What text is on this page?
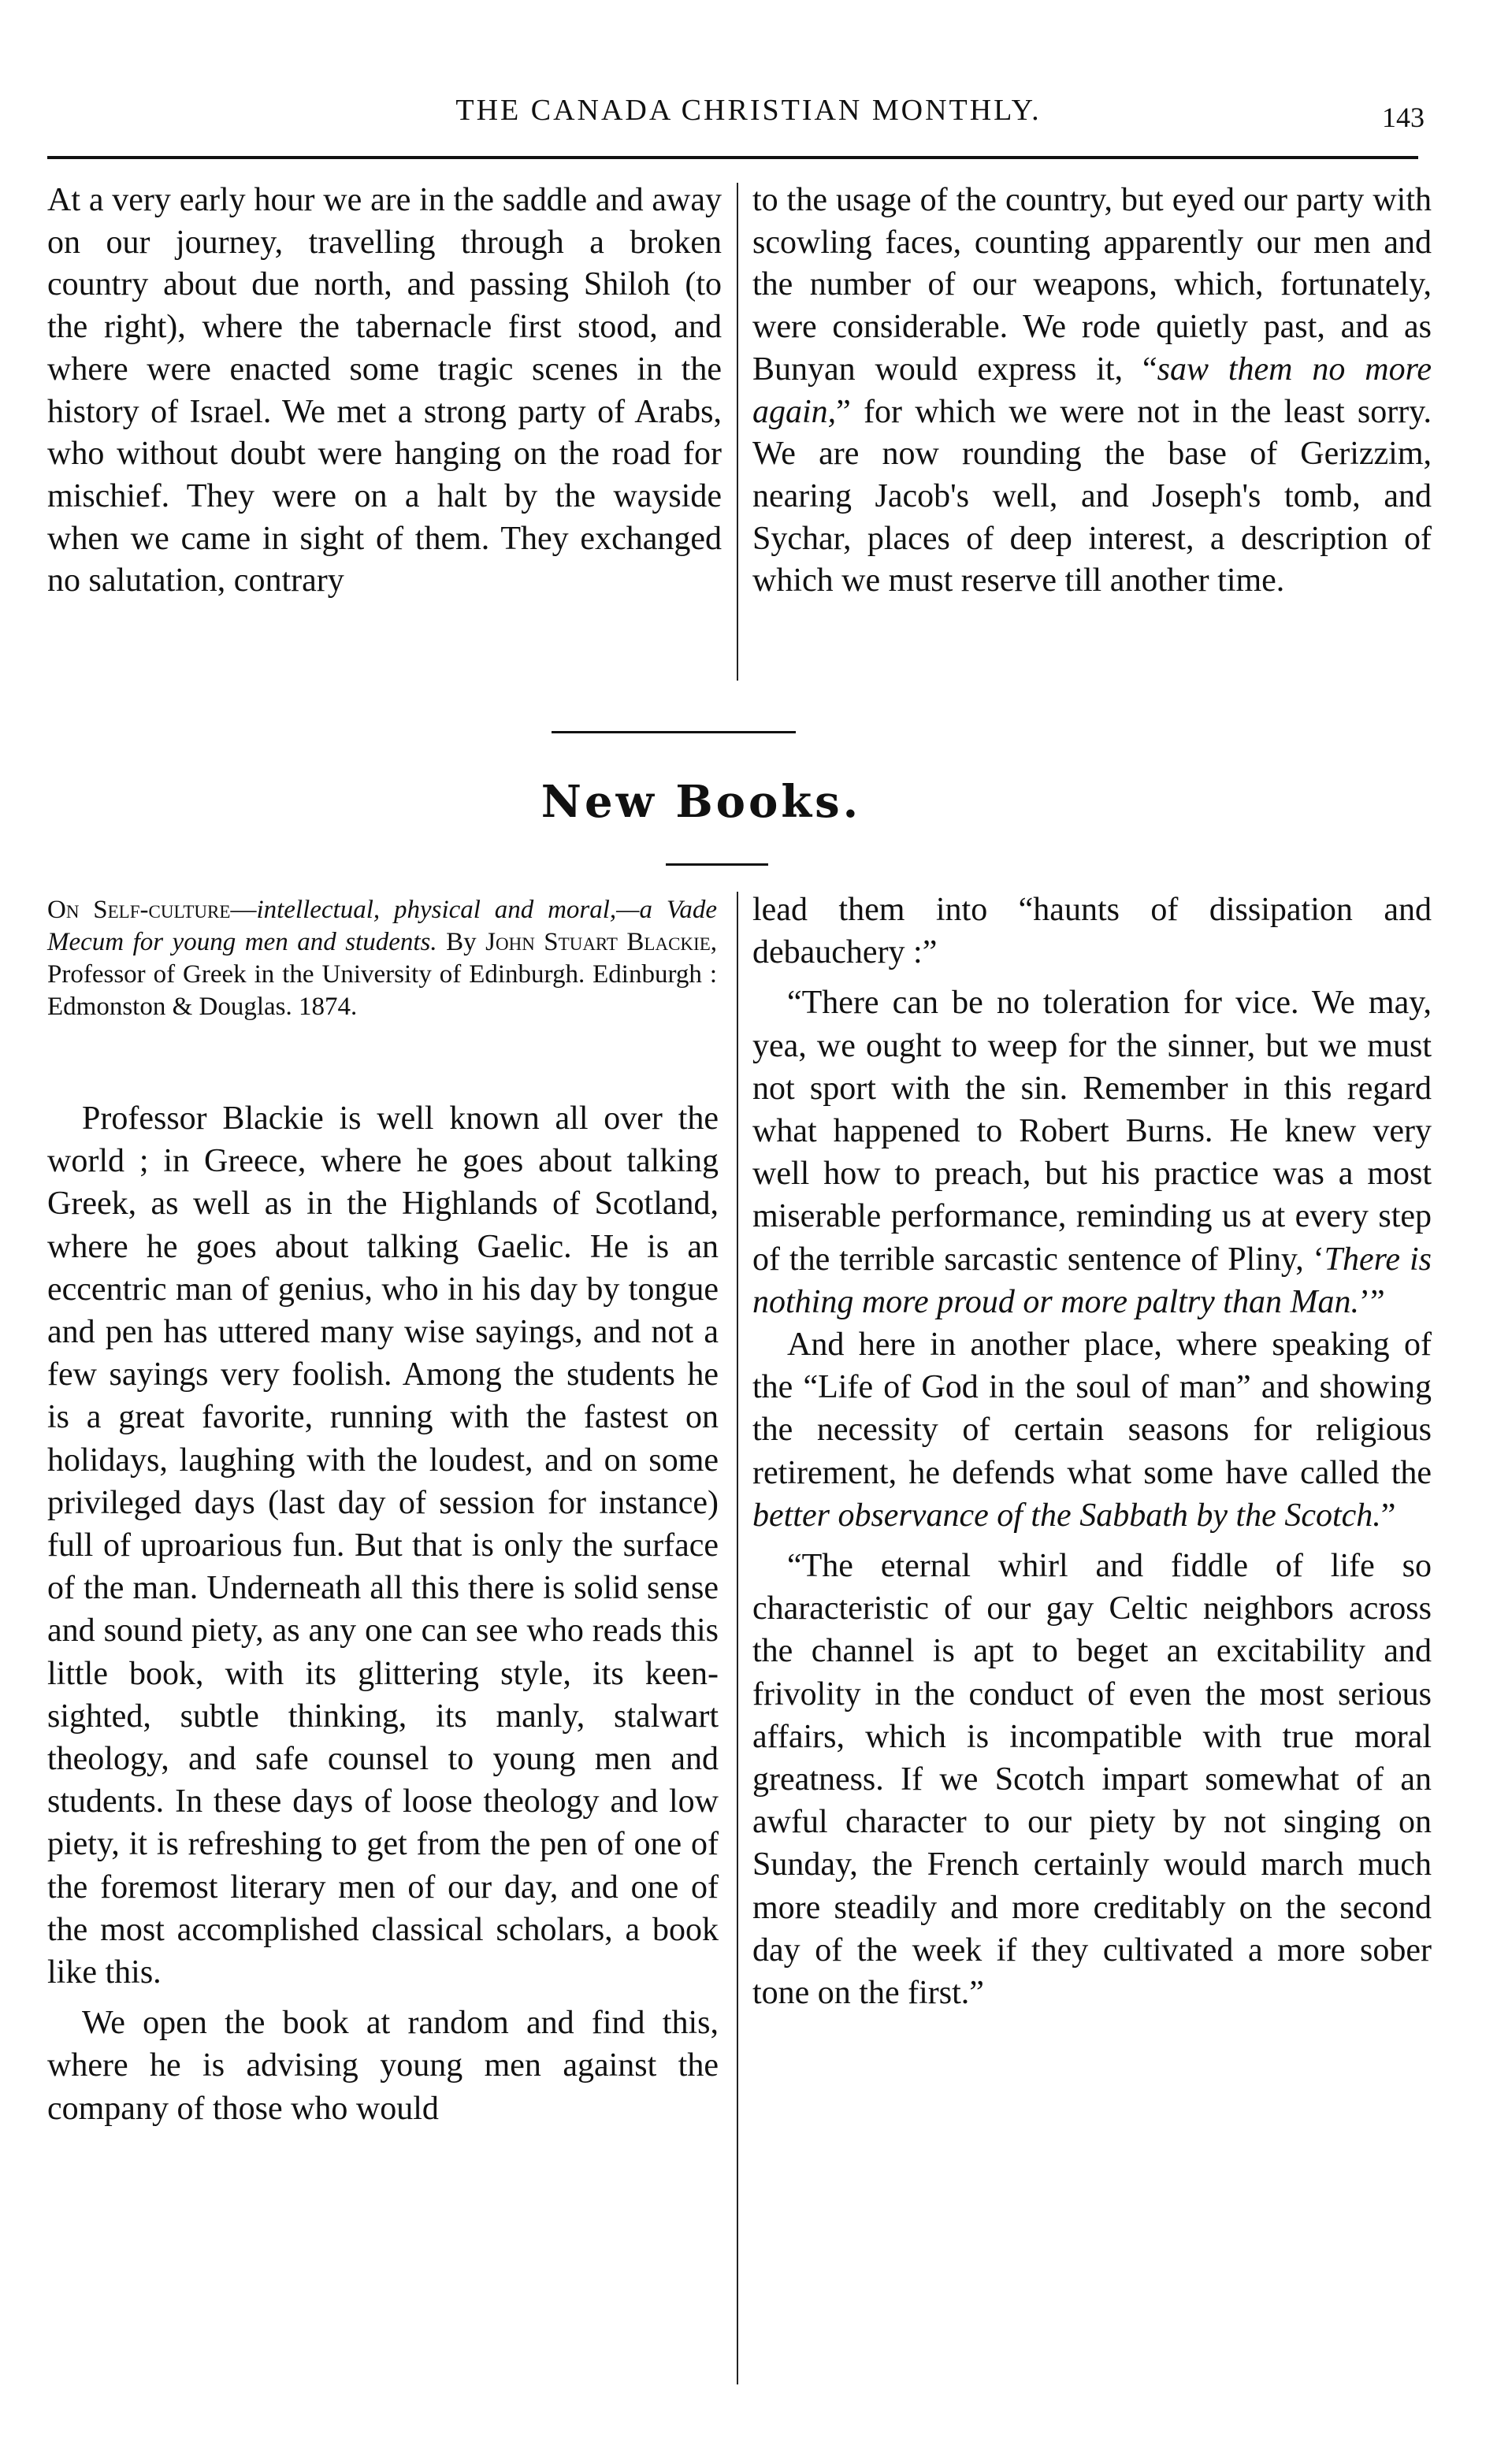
THE CANADA CHRISTIAN MONTHLY.	143

At a very early hour we are in the saddle and away on our journey, travelling through a broken country about due north, and passing Shiloh (to the right), where the tabernacle first stood, and where were enacted some tragic scenes in the history of Israel. We met a strong party of Arabs, who without doubt were hanging on the road for mischief. They were on a halt by the wayside when we came in sight of them. They exchanged no salutation, contrary

to the usage of the country, but eyed our party with scowling faces, counting apparently our men and the number of our weapons, which, fortunately, were considerable. We rode quietly past, and as Bunyan would express it, “saw them no more again,” for which we were not in the least sorry. We are now rounding the base of Gerizzim, nearing Jacob's well, and Joseph's tomb, and Sychar, places of deep interest, a description of which we must reserve till another time.

New Books.
On Self-culture—intellectual, physical and moral,—a Vade Mecum for young men and students. By John Stuart Blackie, Professor of Greek in the University of Edinburgh. Edinburgh : Edmonston & Douglas. 1874.

Professor Blackie is well known all over the world ; in Greece, where he goes about talking Greek, as well as in the Highlands of Scotland, where he goes about talking Gaelic. He is an eccentric man of genius, who in his day by tongue and pen has uttered many wise sayings, and not a few sayings very foolish. Among the students he is a great favorite, running with the fastest on holidays, laughing with the loudest, and on some privileged days (last day of session for instance) full of uproarious fun. But that is only the surface of the man. Underneath all this there is solid sense and sound piety, as any one can see who reads this little book, with its glittering style, its keen-sighted, subtle thinking, its manly, stalwart theology, and safe counsel to young men and students. In these days of loose theology and low piety, it is refreshing to get from the pen of one of the foremost literary men of our day, and one of the most accomplished classical scholars, a book like this.

We open the book at random and find this, where he is advising young men against the company of those who would

lead them into “haunts of dissipation and debauchery :”

“There can be no toleration for vice. We may, yea, we ought to weep for the sinner, but we must not sport with the sin. Remember in this regard what happened to Robert Burns. He knew very well how to preach, but his practice was a most miserable performance, reminding us at every step of the terrible sarcastic sentence of Pliny, ‘There is nothing more proud or more paltry than Man.’”

And here in another place, where speaking of the “Life of God in the soul of man” and showing the necessity of certain seasons for religious retirement, he defends what some have called the better observance of the Sabbath by the Scotch.”

“The eternal whirl and fiddle of life so characteristic of our gay Celtic neighbors across the channel is apt to beget an excitability and frivolity in the conduct of even the most serious affairs, which is incompatible with true moral greatness. If we Scotch impart somewhat of an awful character to our piety by not singing on Sunday, the French certainly would march much more steadily and more creditably on the second day of the week if they cultivated a more sober tone on the first.”
